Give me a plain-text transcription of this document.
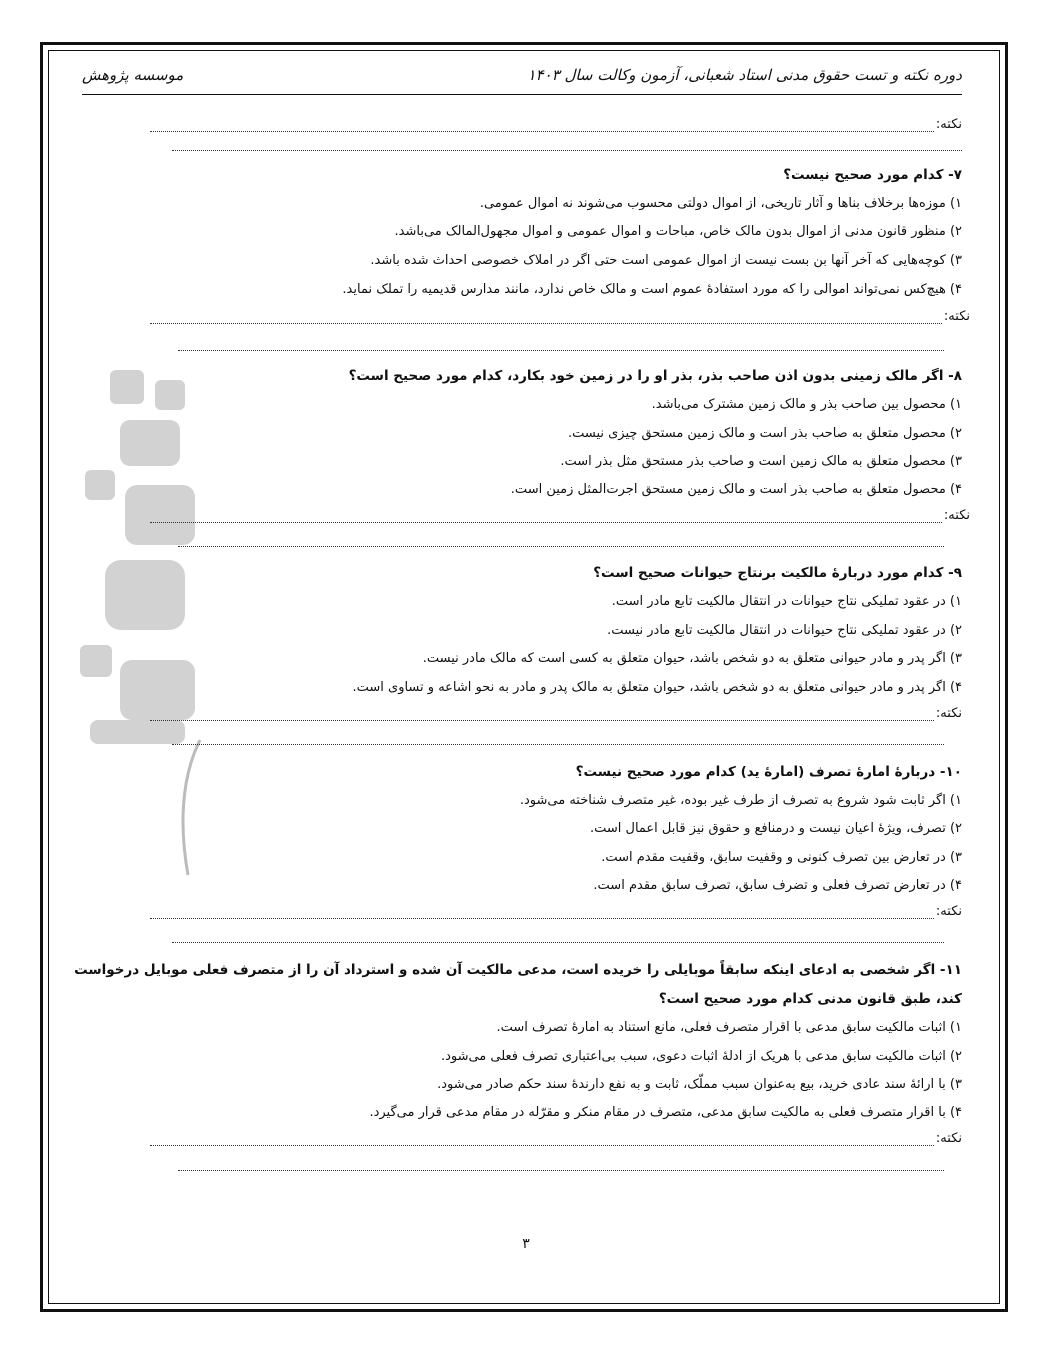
دوره نکته و تست حقوق مدنی استاد شعبانی، آزمون وکالت سال ۱۴۰۳
موسسه پژوهش
نکته:
۷- کدام مورد صحیح نیست؟
۱) موزه‌ها برخلاف بناها و آثار تاریخی، از اموال دولتی محسوب می‌شوند نه اموال عمومی.
۲) منظور قانون مدنی از اموال بدون مالک خاص، مباحات و اموال عمومی و اموال مجهول‌المالک می‌باشد.
۳) کوچه‌هایی که آخر آنها بن بست نیست از اموال عمومی است حتی اگر در املاک خصوصی احداث شده باشد.
۴) هیچ‌کس نمی‌تواند اموالی را که مورد استفادهٔ عموم است و مالک خاص ندارد، مانند مدارس قدیمیه را تملک نماید.
نکته:
۸- اگر مالک زمینی بدون اذن صاحب بذر، بذر او را در زمین خود بکارد، کدام مورد صحیح است؟
۱) محصول بین صاحب بذر و مالک زمین مشترک می‌باشد.
۲) محصول متعلق به صاحب بذر است و مالک زمین مستحق چیزی نیست.
۳) محصول متعلق به مالک زمین است و صاحب بذر مستحق مثل بذر است.
۴) محصول متعلق به صاحب بذر است و مالک زمین مستحق اجرت‌المثل زمین است.
نکته:
۹- کدام مورد دربارهٔ مالکیت برنتاج حیوانات صحیح است؟
۱) در عقود تملیکی نتاج حیوانات در انتقال مالکیت تابع مادر است.
۲) در عقود تملیکی نتاج حیوانات در انتقال مالکیت تابع مادر نیست.
۳) اگر پدر و مادر حیوانی متعلق به دو شخص باشد، حیوان متعلق به کسی است که مالک مادر نیست.
۴) اگر پدر و مادر حیوانی متعلق به دو شخص باشد، حیوان متعلق به مالک پدر و مادر به نحو اشاعه و تساوی است.
نکته:
۱۰- دربارهٔ امارهٔ تصرف (امارهٔ ید) کدام مورد صحیح نیست؟
۱) اگر ثابت شود شروع به تصرف از طرف غیر بوده، غیر متصرف شناخته می‌شود.
۲) تصرف، ویژهٔ اعیان نیست و درمنافع و حقوق نیز قابل اعمال است.
۳) در تعارض بین تصرف کنونی و وقفیت سابق، وقفیت مقدم است.
۴) در تعارض تصرف فعلی و تضرف سابق، تصرف سابق مقدم است.
نکته:
۱۱- اگر شخصی به ادعای اینکه سابقاً موبایلی را خریده است، مدعی مالکیت آن شده و استرداد آن را از متصرف فعلی موبایل درخواست
کند، طبق قانون مدنی کدام مورد صحیح است؟
۱) اثبات مالکیت سابق مدعی با اقرار متصرف فعلی، مانع استناد به امارهٔ تصرف است.
۲) اثبات مالکیت سابق مدعی با هریک از ادلهٔ اثبات دعوی، سبب بی‌اعتباری تصرف فعلی می‌شود.
۳) با ارائهٔ سند عادی خرید، بیع به‌عنوان سبب مملّک، ثابت و به نفع دارندهٔ سند حکم صادر می‌شود.
۴) با اقرار متصرف فعلی به مالکیت سابق مدعی، متصرف در مقام منکر و مقرّله در مقام مدعی قرار می‌گیرد.
نکته:
۳
